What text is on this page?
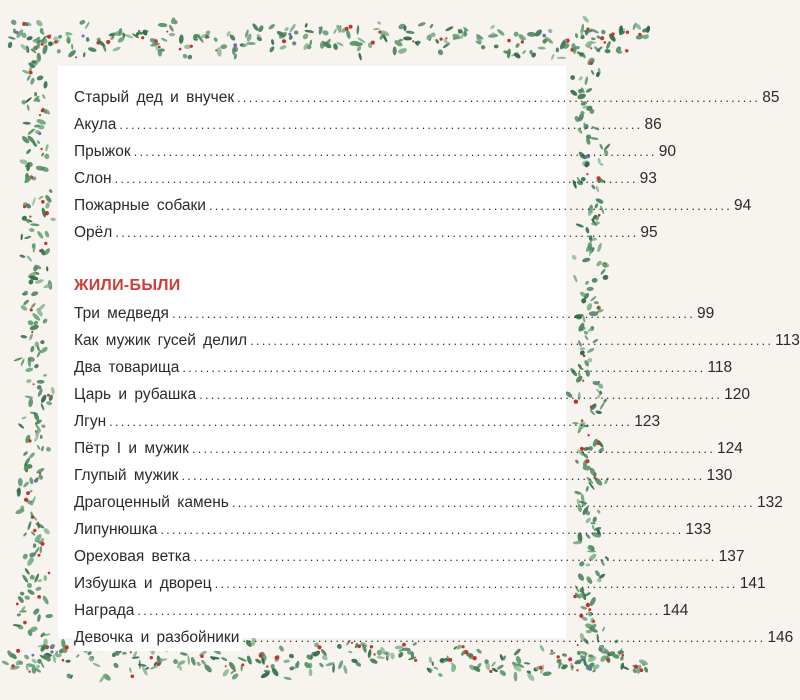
Старый дед и внучек .......................................................................................... 85
Акула .......................................................................................... 86
Прыжок .......................................................................................... 90
Слон .......................................................................................... 93
Пожарные собаки .......................................................................................... 94
Орёл .......................................................................................... 95
ЖИЛИ-БЫЛИ
Три медведя .......................................................................................... 99
Как мужик гусей делил .......................................................................................... 113
Два товарища .......................................................................................... 118
Царь и рубашка .......................................................................................... 120
Лгун .......................................................................................... 123
Пётр I и мужик .......................................................................................... 124
Глупый мужик .......................................................................................... 130
Драгоценный камень .......................................................................................... 132
Липунюшка .......................................................................................... 133
Ореховая ветка .......................................................................................... 137
Избушка и дворец .......................................................................................... 141
Награда .......................................................................................... 144
Девочка и разбойники .......................................................................................... 146
